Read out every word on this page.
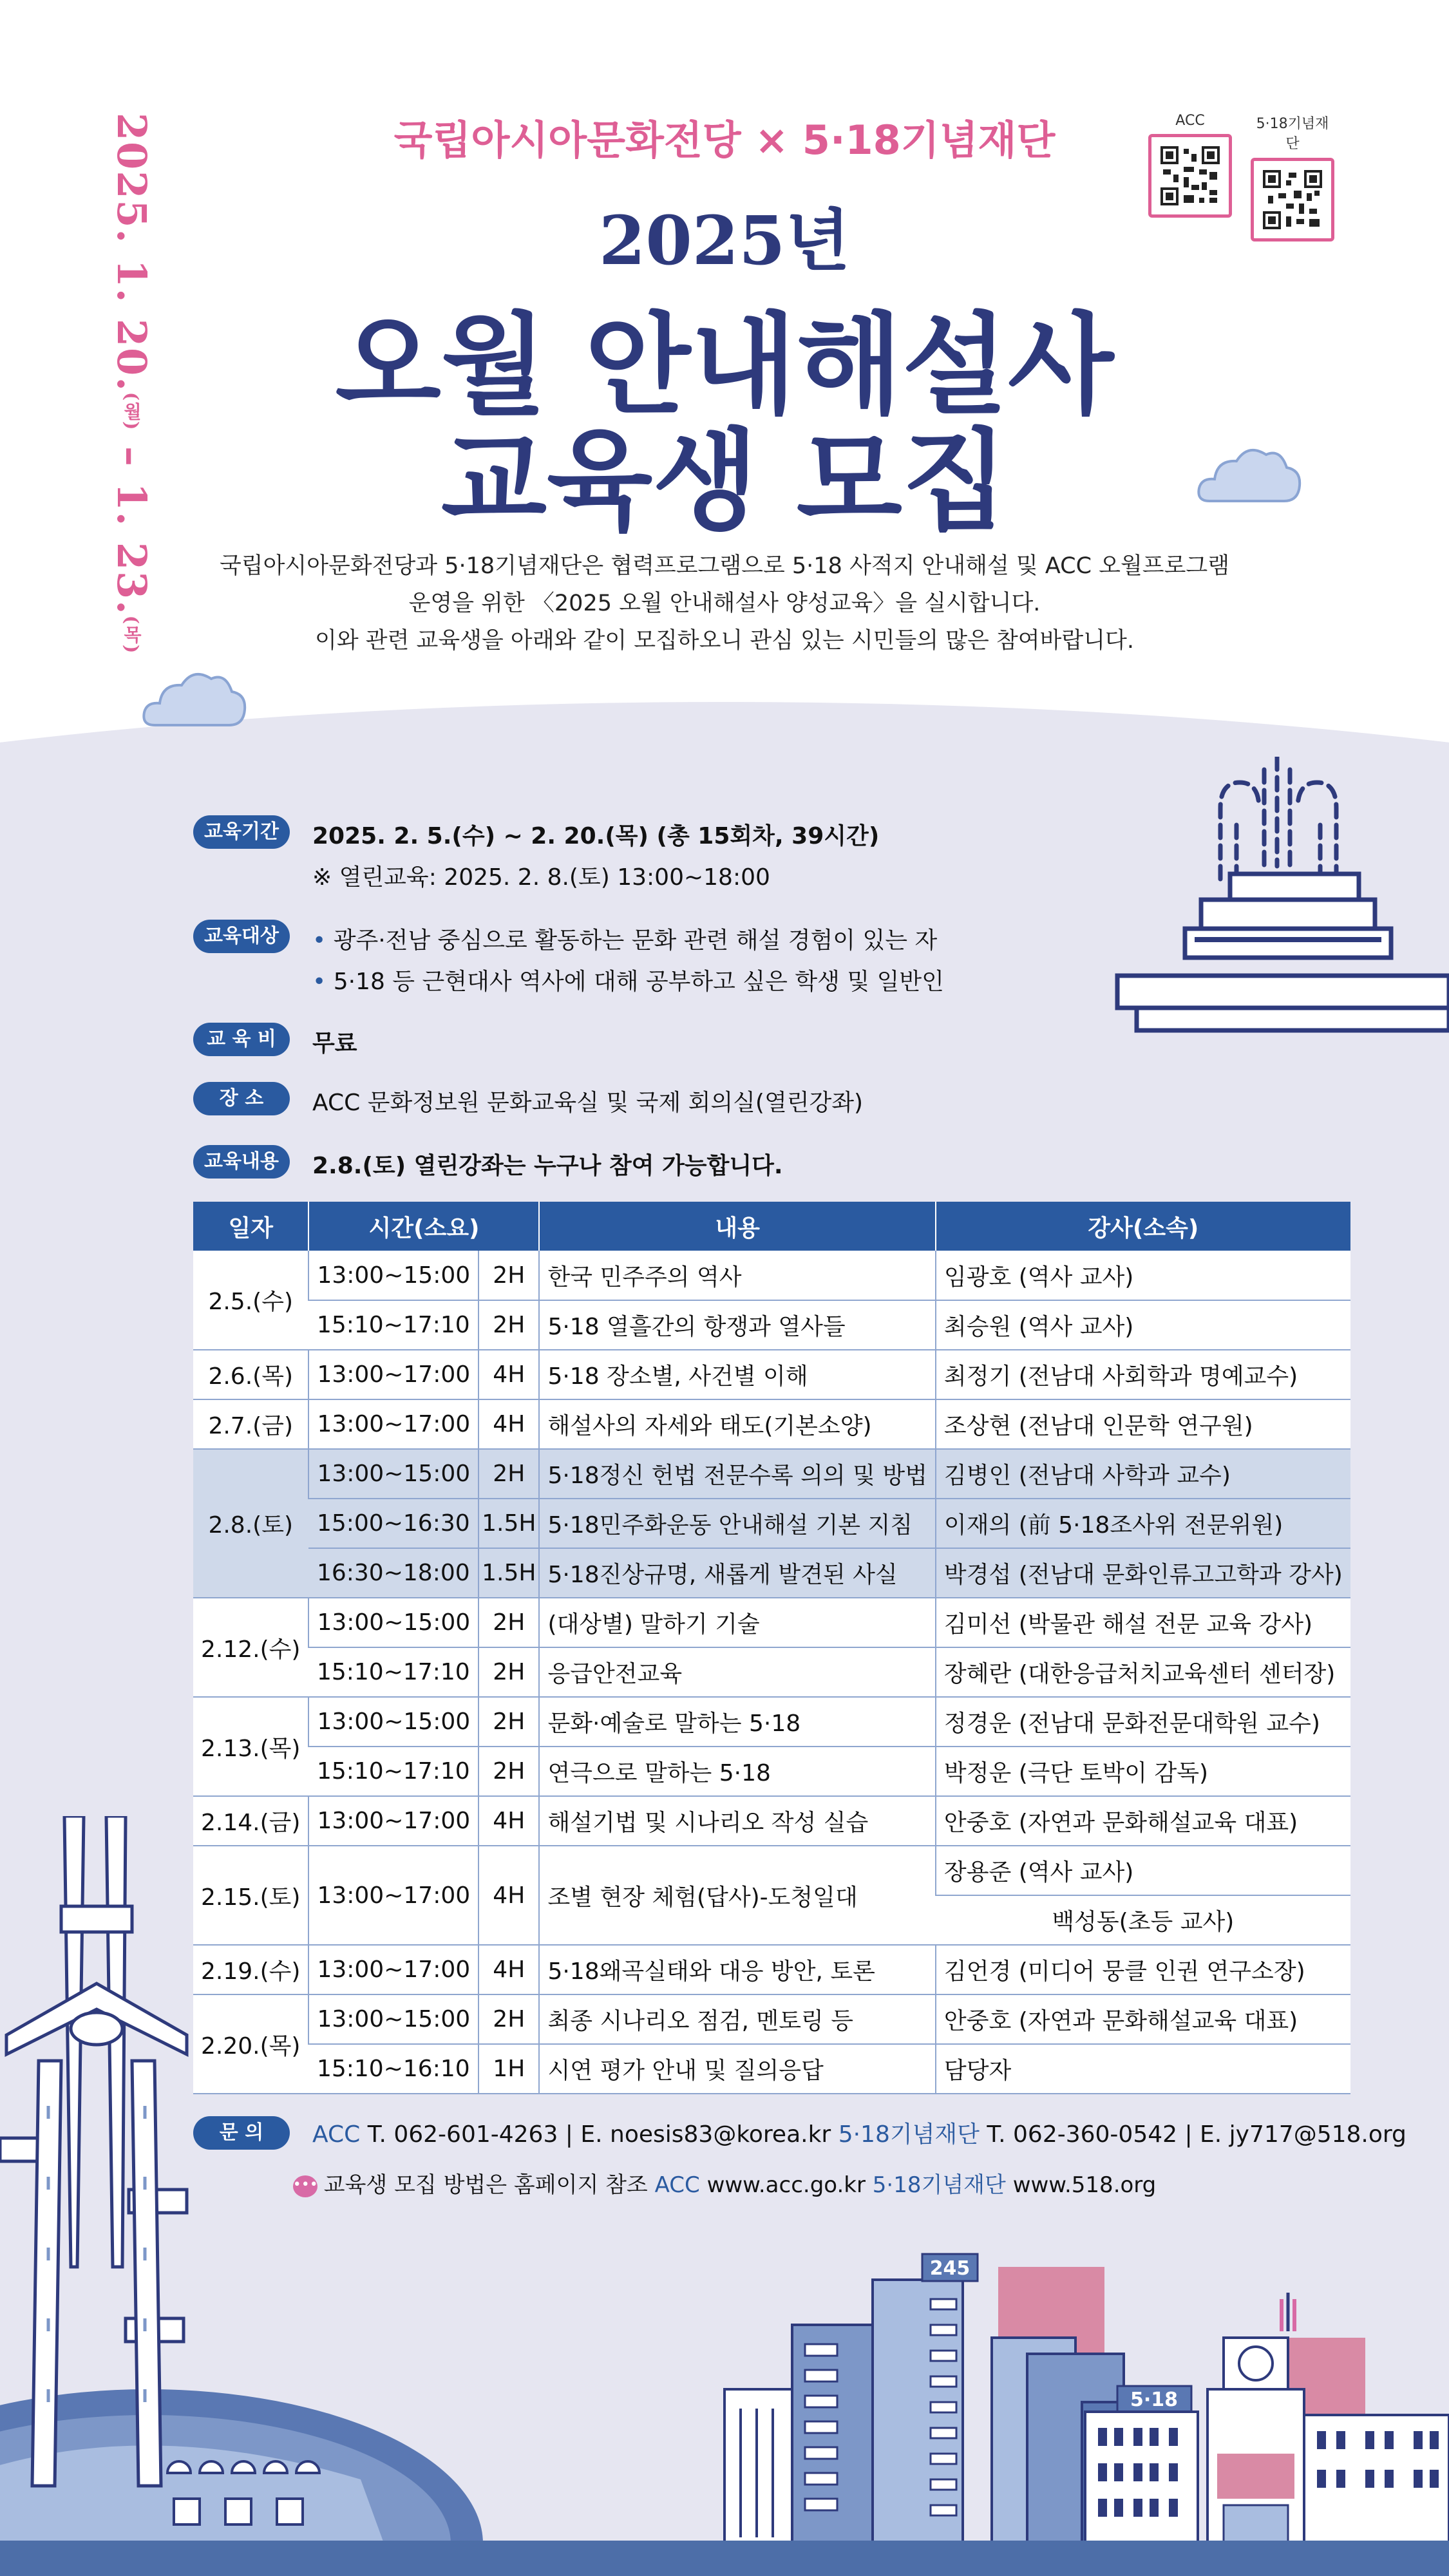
2025. 1. 20.(월) – 1. 23.(목)
국립아시아문화전당 × 5·18기념재단	ACC	5·18기념재단
2025년
오월 안내해설사
교육생 모집
국립아시아문화전당과 5·18기념재단은 협력프로그램으로 5·18 사적지 안내해설 및 ACC 오월프로그램
운영을 위한 〈2025 오월 안내해설사 양성교육〉을 실시합니다.
이와 관련 교육생을 아래와 같이 모집하오니 관심 있는 시민들의 많은 참여바랍니다.
교육기간	2025. 2. 5.(수) ~ 2. 20.(목) (총 15회차, 39시간)
※ 열린교육: 2025. 2. 8.(토) 13:00~18:00
교육대상	• 광주·전남 중심으로 활동하는 문화 관련 해설 경험이 있는 자
• 5·18 등 근현대사 역사에 대해 공부하고 싶은 학생 및 일반인
교 육 비	무료
장 소	ACC 문화정보원 문화교육실 및 국제 회의실(열린강좌)
교육내용	2.8.(토) 열린강좌는 누구나 참여 가능합니다.
일자	시간(소요)		내용	강사(소속)
2.5.(수)	13:00~15:00	2H	한국 민주주의 역사	임광호 (역사 교사)
	15:10~17:10	2H	5·18 열흘간의 항쟁과 열사들	최승원 (역사 교사)
2.6.(목)	13:00~17:00	4H	5·18 장소별, 사건별 이해	최정기 (전남대 사회학과 명예교수)
2.7.(금)	13:00~17:00	4H	해설사의 자세와 태도(기본소양)	조상현 (전남대 인문학 연구원)
2.8.(토)	13:00~15:00	2H	5·18정신 헌법 전문수록 의의 및 방법	김병인 (전남대 사학과 교수)
	15:00~16:30	1.5H	5·18민주화운동 안내해설 기본 지침	이재의 (前 5·18조사위 전문위원)
	16:30~18:00	1.5H	5·18진상규명, 새롭게 발견된 사실	박경섭 (전남대 문화인류고고학과 강사)
2.12.(수)	13:00~15:00	2H	(대상별) 말하기 기술	김미선 (박물관 해설 전문 교육 강사)
	15:10~17:10	2H	응급안전교육	장혜란 (대한응급처치교육센터 센터장)
2.13.(목)	13:00~15:00	2H	문화·예술로 말하는 5·18	정경운 (전남대 문화전문대학원 교수)
	15:10~17:10	2H	연극으로 말하는 5·18	박정운 (극단 토박이 감독)
2.14.(금)	13:00~17:00	4H	해설기법 및 시나리오 작성 실습	안중호 (자연과 문화해설교육 대표)
2.15.(토)	13:00~17:00	4H	조별 현장 체험(답사)-도청일대	장용준 (역사 교사)
				백성동(초등 교사)
2.19.(수)	13:00~17:00	4H	5·18왜곡실태와 대응 방안, 토론	김언경 (미디어 뭉클 인권 연구소장)
2.20.(목)	13:00~15:00	2H	최종 시나리오 점검, 멘토링 등	안중호 (자연과 문화해설교육 대표)
	15:10~16:10	1H	시연 평가 안내 및 질의응답	담당자
문 의	ACC T. 062-601-4263 | E. noesis83@korea.kr 5·18기념재단 T. 062-360-0542 | E. jy717@518.org
••• 교육생 모집 방법은 홈페이지 참조 ACC www.acc.go.kr 5·18기념재단 www.518.org
245
5·18
